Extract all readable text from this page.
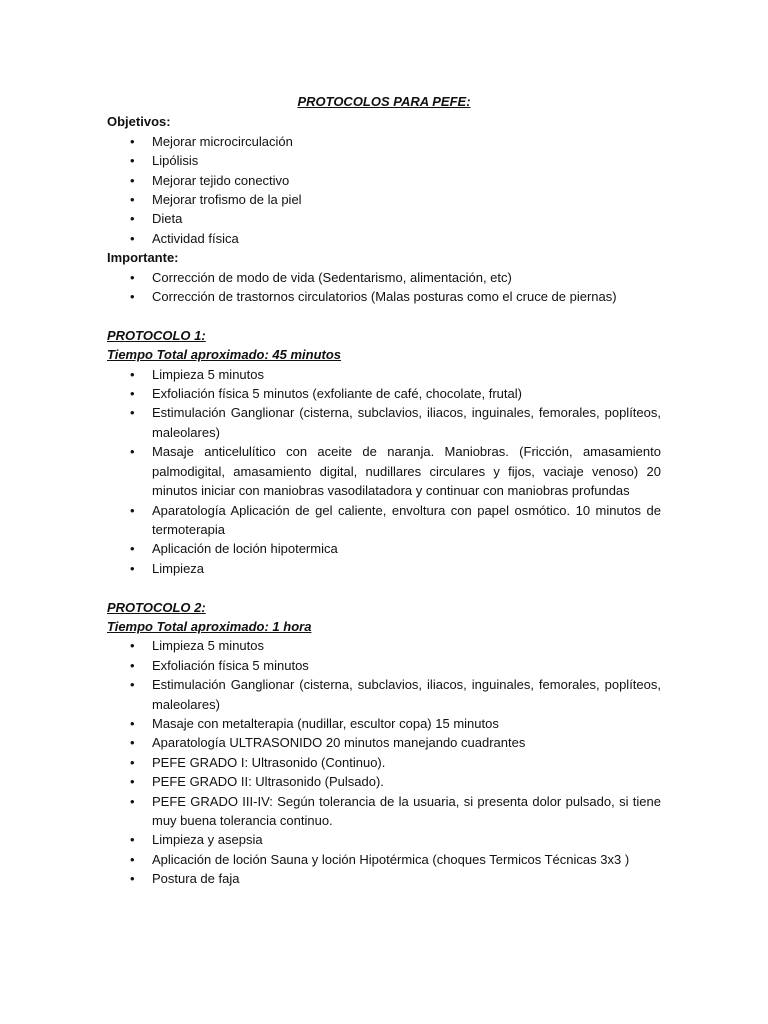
PROTOCOLOS PARA PEFE:

Objetivos:

• Mejorar microcirculación
• Lipólisis
• Mejorar tejido conectivo
• Mejorar trofismo de la piel
• Dieta
• Actividad física

Importante:

• Corrección de modo de vida (Sedentarismo, alimentación, etc)
• Corrección de trastornos circulatorios (Malas posturas como el cruce de piernas)

PROTOCOLO 1:

Tiempo Total aproximado: 45 minutos

• Limpieza 5 minutos
• Exfoliación física 5 minutos (exfoliante de café, chocolate, frutal)
• Estimulación Ganglionar (cisterna, subclavios, iliacos, inguinales, femorales, poplíteos, maleolares)
• Masaje anticelulítico con aceite de naranja. Maniobras. (Fricción, amasamiento palmodigital, amasamiento digital, nudillares circulares y fijos, vaciaje venoso) 20 minutos iniciar con maniobras vasodilatadora y continuar con maniobras profundas
• Aparatología Aplicación de gel caliente, envoltura con papel osmótico. 10 minutos de termoterapia
• Aplicación de loción hipotermica
• Limpieza

PROTOCOLO 2:

Tiempo Total aproximado: 1 hora

• Limpieza 5 minutos
• Exfoliación física 5 minutos
• Estimulación Ganglionar (cisterna, subclavios, iliacos, inguinales, femorales, poplíteos, maleolares)
• Masaje con metalterapia (nudillar, escultor copa) 15 minutos
• Aparatología ULTRASONIDO 20 minutos manejando cuadrantes
• PEFE GRADO I: Ultrasonido (Continuo).
• PEFE GRADO II: Ultrasonido (Pulsado).
• PEFE GRADO III-IV: Según tolerancia de la usuaria, si presenta dolor pulsado, si tiene muy buena tolerancia continuo.
• Limpieza y asepsia
• Aplicación de loción Sauna y loción Hipotérmica (choques Termicos Técnicas 3x3 )
• Postura de faja
